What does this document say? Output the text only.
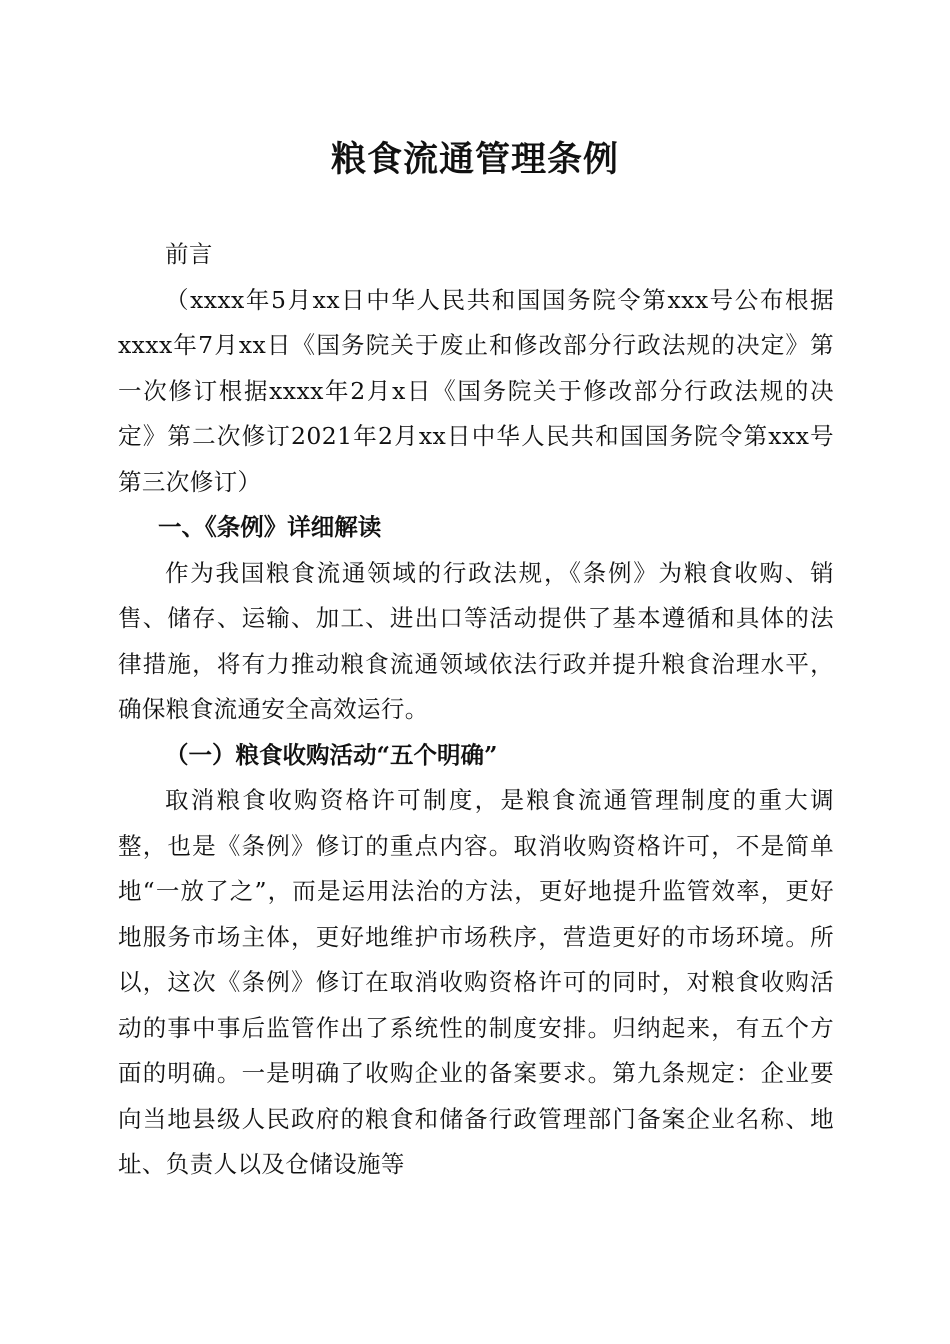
粮食流通管理条例

前言

（xxxx年5月xx日中华人民共和国国务院令第xxx号公布根据xxxx年7月xx日《国务院关于废止和修改部分行政法规的决定》第一次修订根据xxxx年2月x日《国务院关于修改部分行政法规的决定》第二次修订2021年2月xx日中华人民共和国国务院令第xxx号第三次修订）

一、《条例》详细解读

作为我国粮食流通领域的行政法规，《条例》为粮食收购、销售、储存、运输、加工、进出口等活动提供了基本遵循和具体的法律措施，将有力推动粮食流通领域依法行政并提升粮食治理水平，确保粮食流通安全高效运行。

（一）粮食收购活动“五个明确”

取消粮食收购资格许可制度，是粮食流通管理制度的重大调整，也是《条例》修订的重点内容。取消收购资格许可，不是简单地“一放了之”，而是运用法治的方法，更好地提升监管效率，更好地服务市场主体，更好地维护市场秩序，营造更好的市场环境。所以，这次《条例》修订在取消收购资格许可的同时，对粮食收购活动的事中事后监管作出了系统性的制度安排。归纳起来，有五个方面的明确。一是明确了收购企业的备案要求。第九条规定：企业要向当地县级人民政府的粮食和储备行政管理部门备案企业名称、地址、负责人以及仓储设施等
